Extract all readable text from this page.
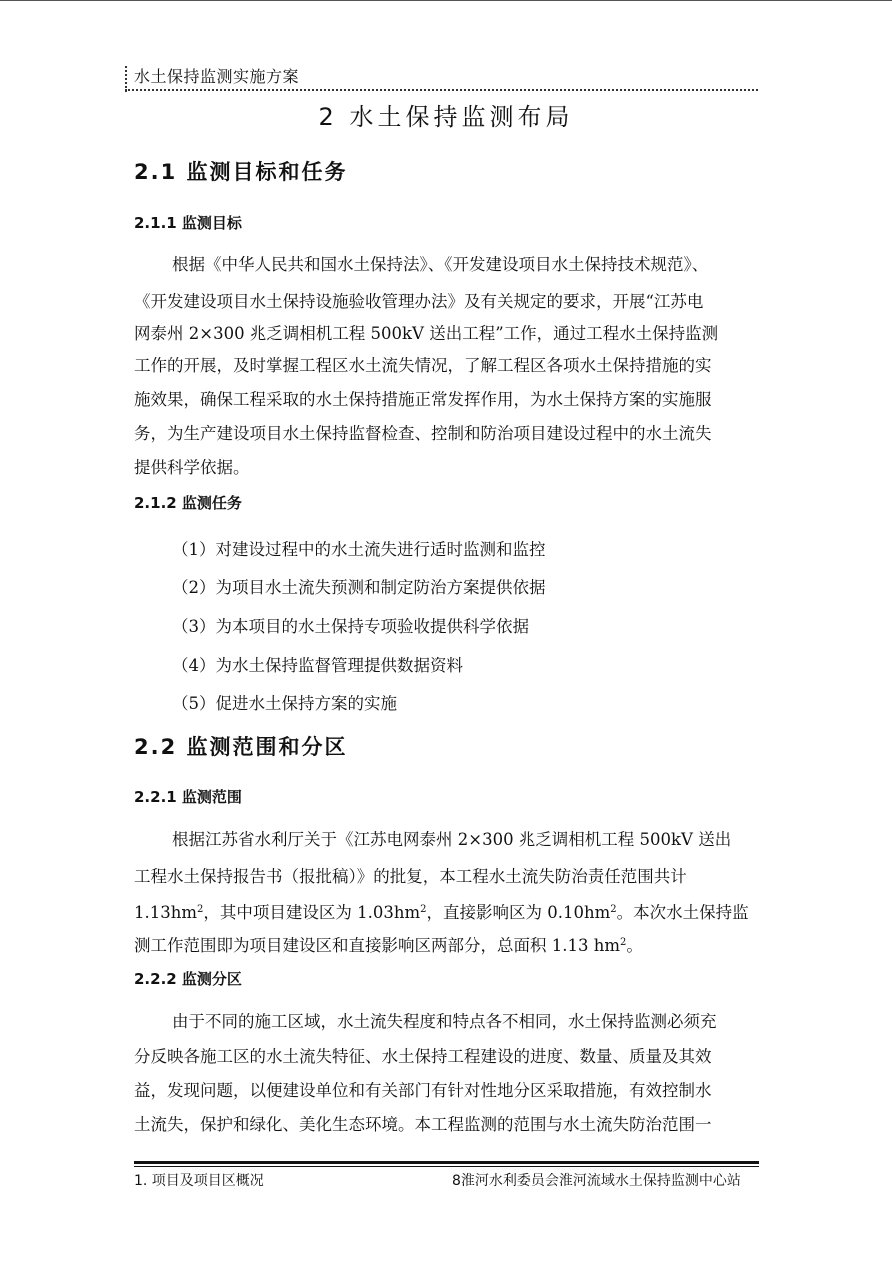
水土保持监测实施方案
2 水土保持监测布局
2.1 监测目标和任务
2.1.1 监测目标
根据《中华人民共和国水土保持法》、《开发建设项目水土保持技术规范》、
《开发建设项目水土保持设施验收管理办法》及有关规定的要求，开展“江苏电
网泰州 2×300 兆乏调相机工程 500kV 送出工程”工作，通过工程水土保持监测
工作的开展，及时掌握工程区水土流失情况，了解工程区各项水土保持措施的实
施效果，确保工程采取的水土保持措施正常发挥作用，为水土保持方案的实施服
务，为生产建设项目水土保持监督检查、控制和防治项目建设过程中的水土流失
提供科学依据。
2.1.2 监测任务
（1）对建设过程中的水土流失进行适时监测和监控
（2）为项目水土流失预测和制定防治方案提供依据
（3）为本项目的水土保持专项验收提供科学依据
（4）为水土保持监督管理提供数据资料
（5）促进水土保持方案的实施
2.2 监测范围和分区
2.2.1 监测范围
根据江苏省水利厅关于《江苏电网泰州 2×300 兆乏调相机工程 500kV 送出
工程水土保持报告书（报批稿）》的批复，本工程水土流失防治责任范围共计
$1.13hm^2$，其中项目建设区为 $1.03hm^2$，直接影响区为 $0.10hm^2$。本次水土保持监
测工作范围即为项目建设区和直接影响区两部分，总面积 1.13 $hm^2$。
2.2.2 监测分区
由于不同的施工区域，水土流失程度和特点各不相同，水土保持监测必须充
分反映各施工区的水土流失特征、水土保持工程建设的进度、数量、质量及其效
益，发现问题，以便建设单位和有关部门有针对性地分区采取措施，有效控制水
土流失，保护和绿化、美化生态环境。本工程监测的范围与水土流失防治范围一
1. 项目及项目区概况	8淮河水利委员会淮河流域水土保持监测中心站
